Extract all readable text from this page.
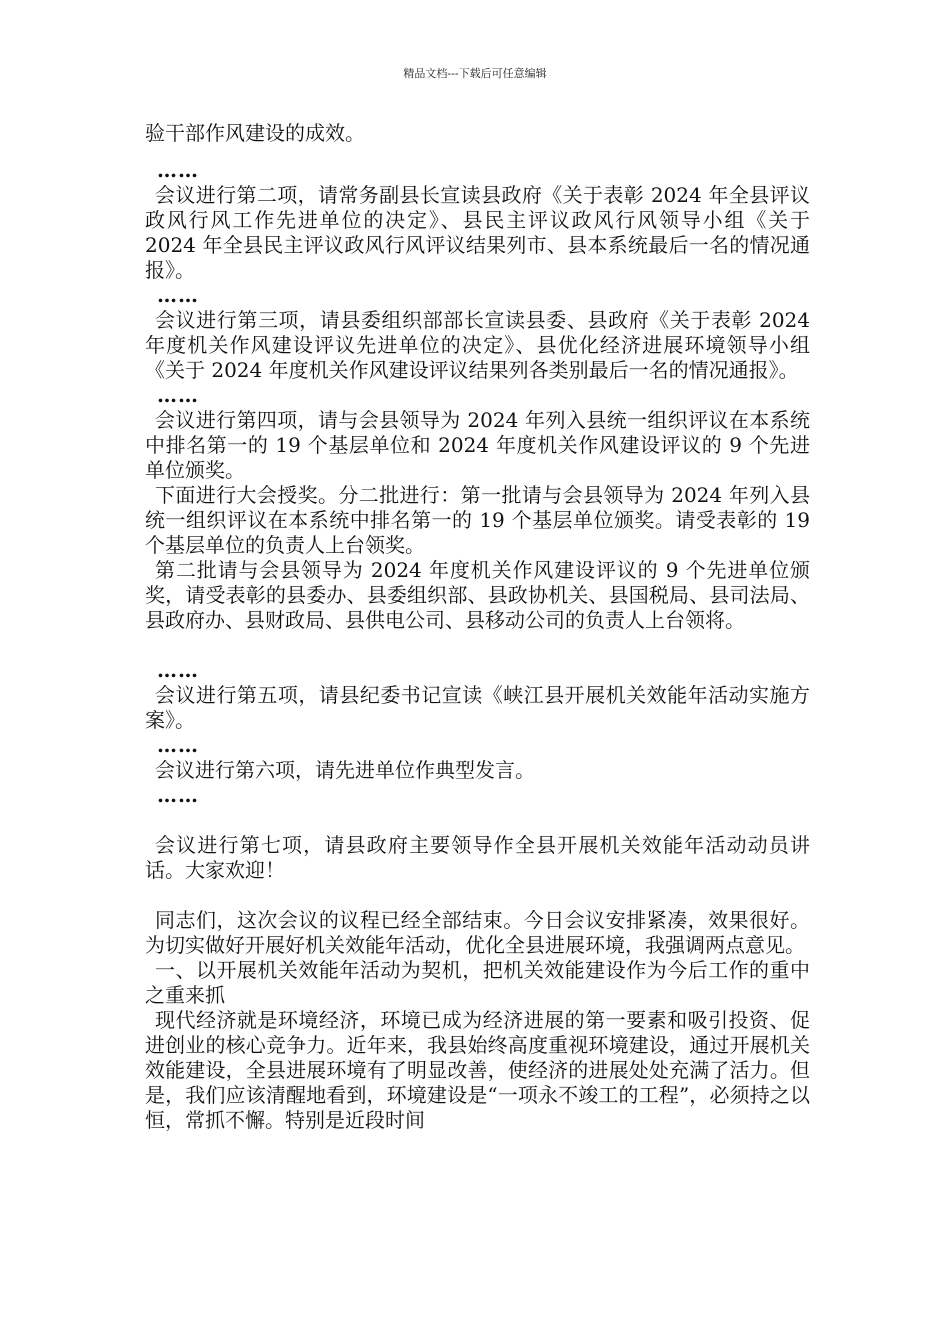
精品文档---下载后可任意编辑

验干部作风建设的成效。

……

会议进行第二项，请常务副县长宣读县政府《关于表彰 2024 年全县评议政风行风工作先进单位的决定》、县民主评议政风行风领导小组《关于 2024 年全县民主评议政风行风评议结果列市、县本系统最后一名的情况通报》。

……

会议进行第三项，请县委组织部部长宣读县委、县政府《关于表彰 2024 年度机关作风建设评议先进单位的决定》、县优化经济进展环境领导小组《关于 2024 年度机关作风建设评议结果列各类别最后一名的情况通报》。

……

会议进行第四项，请与会县领导为 2024 年列入县统一组织评议在本系统中排名第一的 19 个基层单位和 2024 年度机关作风建设评议的 9 个先进单位颁奖。

下面进行大会授奖。分二批进行：第一批请与会县领导为 2024 年列入县统一组织评议在本系统中排名第一的 19 个基层单位颁奖。请受表彰的 19 个基层单位的负责人上台领奖。

第二批请与会县领导为 2024 年度机关作风建设评议的 9 个先进单位颁奖，请受表彰的县委办、县委组织部、县政协机关、县国税局、县司法局、县政府办、县财政局、县供电公司、县移动公司的负责人上台领将。

……

会议进行第五项，请县纪委书记宣读《峡江县开展机关效能年活动实施方案》。

……

会议进行第六项，请先进单位作典型发言。

……

会议进行第七项，请县政府主要领导作全县开展机关效能年活动动员讲话。大家欢迎！

同志们，这次会议的议程已经全部结束。今日会议安排紧凑，效果很好。为切实做好开展好机关效能年活动，优化全县进展环境，我强调两点意见。

一、以开展机关效能年活动为契机，把机关效能建设作为今后工作的重中之重来抓

现代经济就是环境经济，环境已成为经济进展的第一要素和吸引投资、促进创业的核心竞争力。近年来，我县始终高度重视环境建设，通过开展机关效能建设，全县进展环境有了明显改善，使经济的进展处处充满了活力。但是，我们应该清醒地看到，环境建设是“一项永不竣工的工程”，必须持之以恒，常抓不懈。特别是近段时间
